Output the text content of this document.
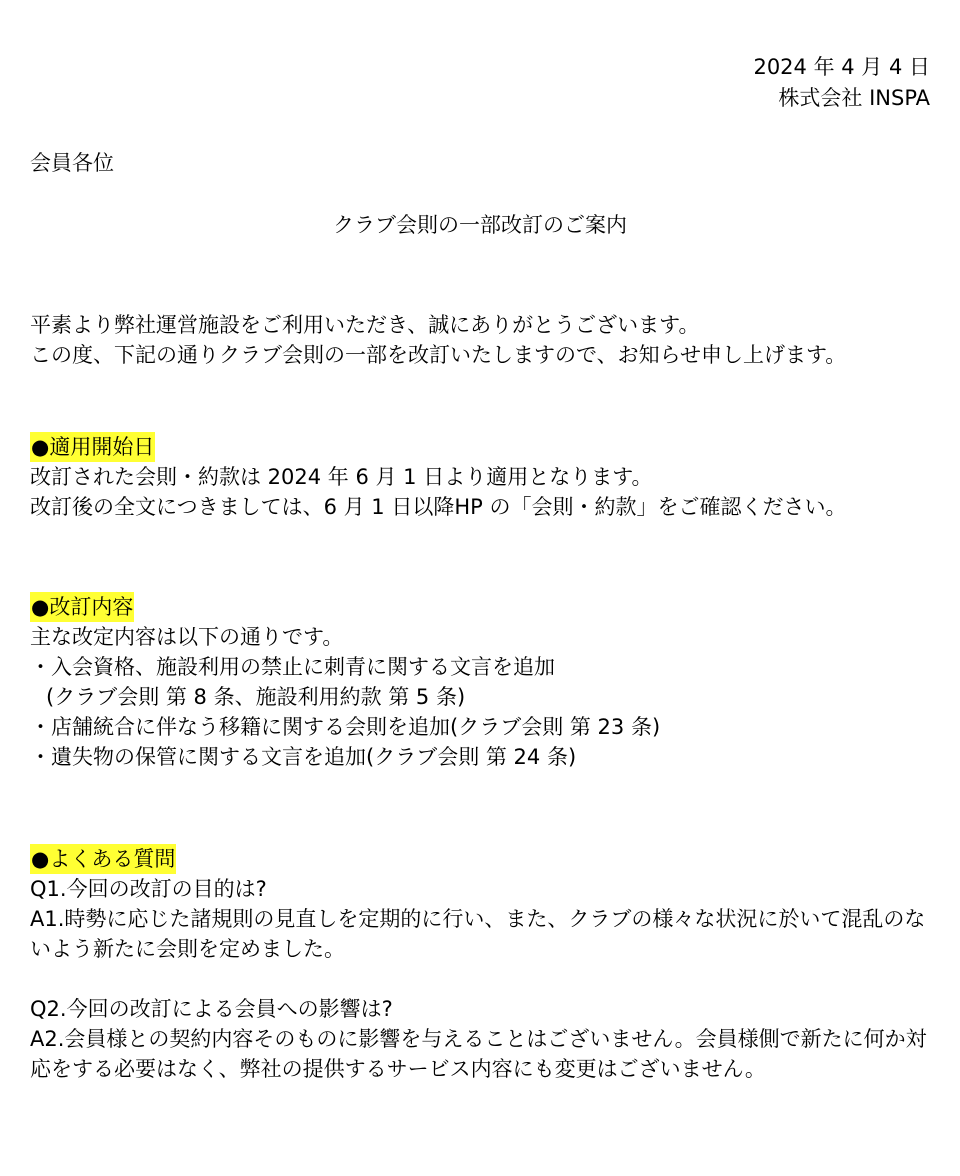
2024 年 4 月 4 日
株式会社 INSPA
会員各位
クラブ会則の一部改訂のご案内

平素より弊社運営施設をご利用いただき、誠にありがとうございます。

この度、下記の通りクラブ会則の一部を改訂いたしますので、お知らせ申し上げます。

●適用開始日

改訂された会則・約款は 2024 年 6 月 1 日より適用となります。

改訂後の全文につきましては、6 月 1 日以降HP の「会則・約款」をご確認ください。

●改訂内容

主な改定内容は以下の通りです。

・入会資格、施設利用の禁止に刺青に関する文言を追加

(クラブ会則 第 8 条、施設利用約款 第 5 条)

・店舗統合に伴なう移籍に関する会則を追加(クラブ会則 第 23 条)

・遺失物の保管に関する文言を追加(クラブ会則 第 24 条)

●よくある質問

Q1.今回の改訂の目的は?

A1.時勢に応じた諸規則の見直しを定期的に行い、また、クラブの様々な状況に於いて混乱のないよう新たに会則を定めました。

Q2.今回の改訂による会員への影響は?

A2.会員様との契約内容そのものに影響を与えることはございません。会員様側で新たに何か対応をする必要はなく、弊社の提供するサービス内容にも変更はございません。
